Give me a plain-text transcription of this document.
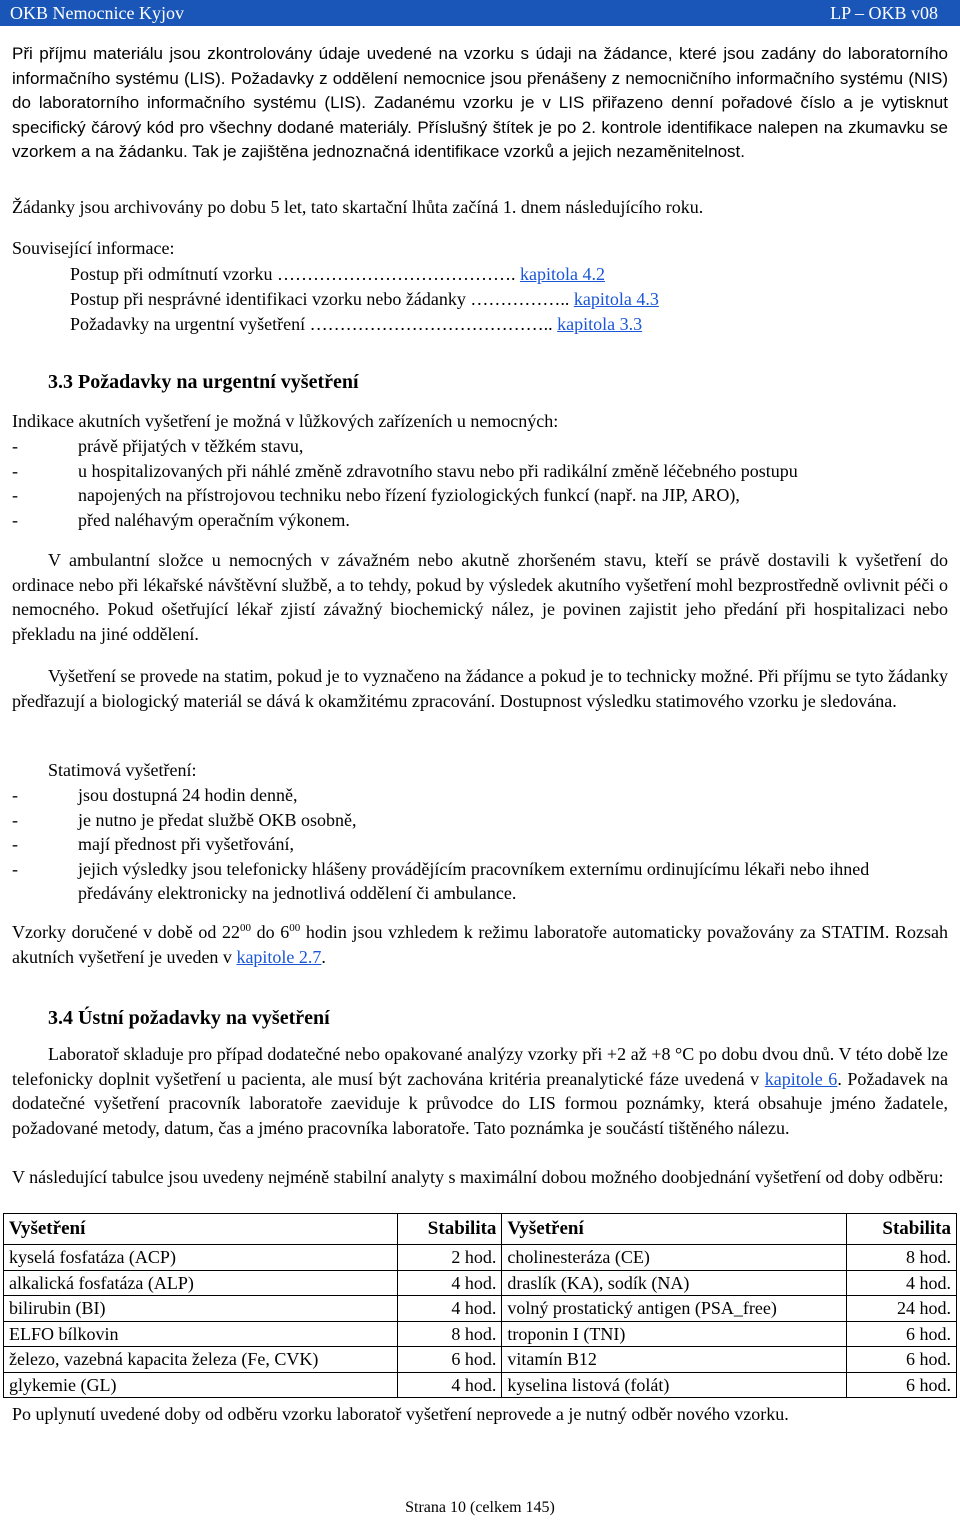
OKB Nemocnice Kyjov	LP – OKB v08

Při příjmu materiálu jsou zkontrolovány údaje uvedené na vzorku s údaji na žádance, které jsou zadány do laboratorního informačního systému (LIS). Požadavky z oddělení nemocnice jsou přenášeny z nemocničního informačního systému (NIS) do laboratorního informačního systému (LIS). Zadanému vzorku je v LIS přiřazeno denní pořadové číslo a je vytisknut specifický čárový kód pro všechny dodané materiály. Příslušný štítek je po 2. kontrole identifikace nalepen na zkumavku se vzorkem a na žádanku. Tak je zajištěna jednoznačná identifikace vzorků a jejich nezaměnitelnost.

Žádanky jsou archivovány po dobu 5 let, tato skartační lhůta začíná 1. dnem následujícího roku.

Související informace:

Postup při odmítnutí vzorku …………………………………. kapitola 4.2
Postup při nesprávné identifikaci vzorku nebo žádanky …………….. kapitola 4.3
Požadavky na urgentní vyšetření ………………………………….. kapitola 3.3
3.3 Požadavky na urgentní vyšetření

Indikace akutních vyšetření je možná v lůžkových zařízeních u nemocných:

- právě přijatých v těžkém stavu,
- u hospitalizovaných při náhlé změně zdravotního stavu nebo při radikální změně léčebného postupu
- napojených na přístrojovou techniku nebo řízení fyziologických funkcí (např. na JIP, ARO),
- před naléhavým operačním výkonem.

V ambulantní složce u nemocných v závažném nebo akutně zhoršeném stavu, kteří se právě dostavili k vyšetření do ordinace nebo při lékařské návštěvní službě, a to tehdy, pokud by výsledek akutního vyšetření mohl bezprostředně ovlivnit péči o nemocného. Pokud ošetřující lékař zjistí závažný biochemický nález, je povinen zajistit jeho předání při hospitalizaci nebo překladu na jiné oddělení.

Vyšetření se provede na statim, pokud je to vyznačeno na žádance a pokud je to technicky možné. Při příjmu se tyto žádanky předřazují a biologický materiál se dává k okamžitému zpracování. Dostupnost výsledku statimového vzorku je sledována.

Statimová vyšetření:

- jsou dostupná 24 hodin denně,
- je nutno je předat službě OKB osobně,
- mají přednost při vyšetřování,
- jejich výsledky jsou telefonicky hlášeny provádějícím pracovníkem externímu ordinujícímu lékaři nebo ihned předávány elektronicky na jednotlivá oddělení či ambulance.

Vzorky doručené v době od $22^{00}$ do $6^{00}$ hodin jsou vzhledem k režimu laboratoře automaticky považovány za STATIM. Rozsah akutních vyšetření je uveden v kapitole 2.7.

3.4 Ústní požadavky na vyšetření

Laboratoř skladuje pro případ dodatečné nebo opakované analýzy vzorky při +2 až +8 °C po dobu dvou dnů. V této době lze telefonicky doplnit vyšetření u pacienta, ale musí být zachována kritéria preanalytické fáze uvedená v kapitole 6. Požadavek na dodatečné vyšetření pracovník laboratoře zaeviduje k průvodce do LIS formou poznámky, která obsahuje jméno žadatele, požadované metody, datum, čas a jméno pracovníka laboratoře. Tato poznámka je součástí tištěného nálezu.

V následující tabulce jsou uvedeny nejméně stabilní analyty s maximální dobou možného doobjednání vyšetření od doby odběru:

Vyšetření	Stabilita	Vyšetření	Stabilita
kyselá fosfatáza (ACP)	2 hod.	cholinesteráza (CE)	8 hod.
alkalická fosfatáza (ALP)	4 hod.	draslík (KA), sodík (NA)	4 hod.
bilirubin (BI)	4 hod.	volný prostatický antigen (PSA_free)	24 hod.
ELFO bílkovin	8 hod.	troponin I (TNI)	6 hod.
železo, vazebná kapacita železa (Fe, CVK)	6 hod.	vitamín B12	6 hod.
glykemie (GL)	4 hod.	kyselina listová (folát)	6 hod.

Po uplynutí uvedené doby od odběru vzorku laboratoř vyšetření neprovede a je nutný odběr nového vzorku.

Strana 10 (celkem 145)
